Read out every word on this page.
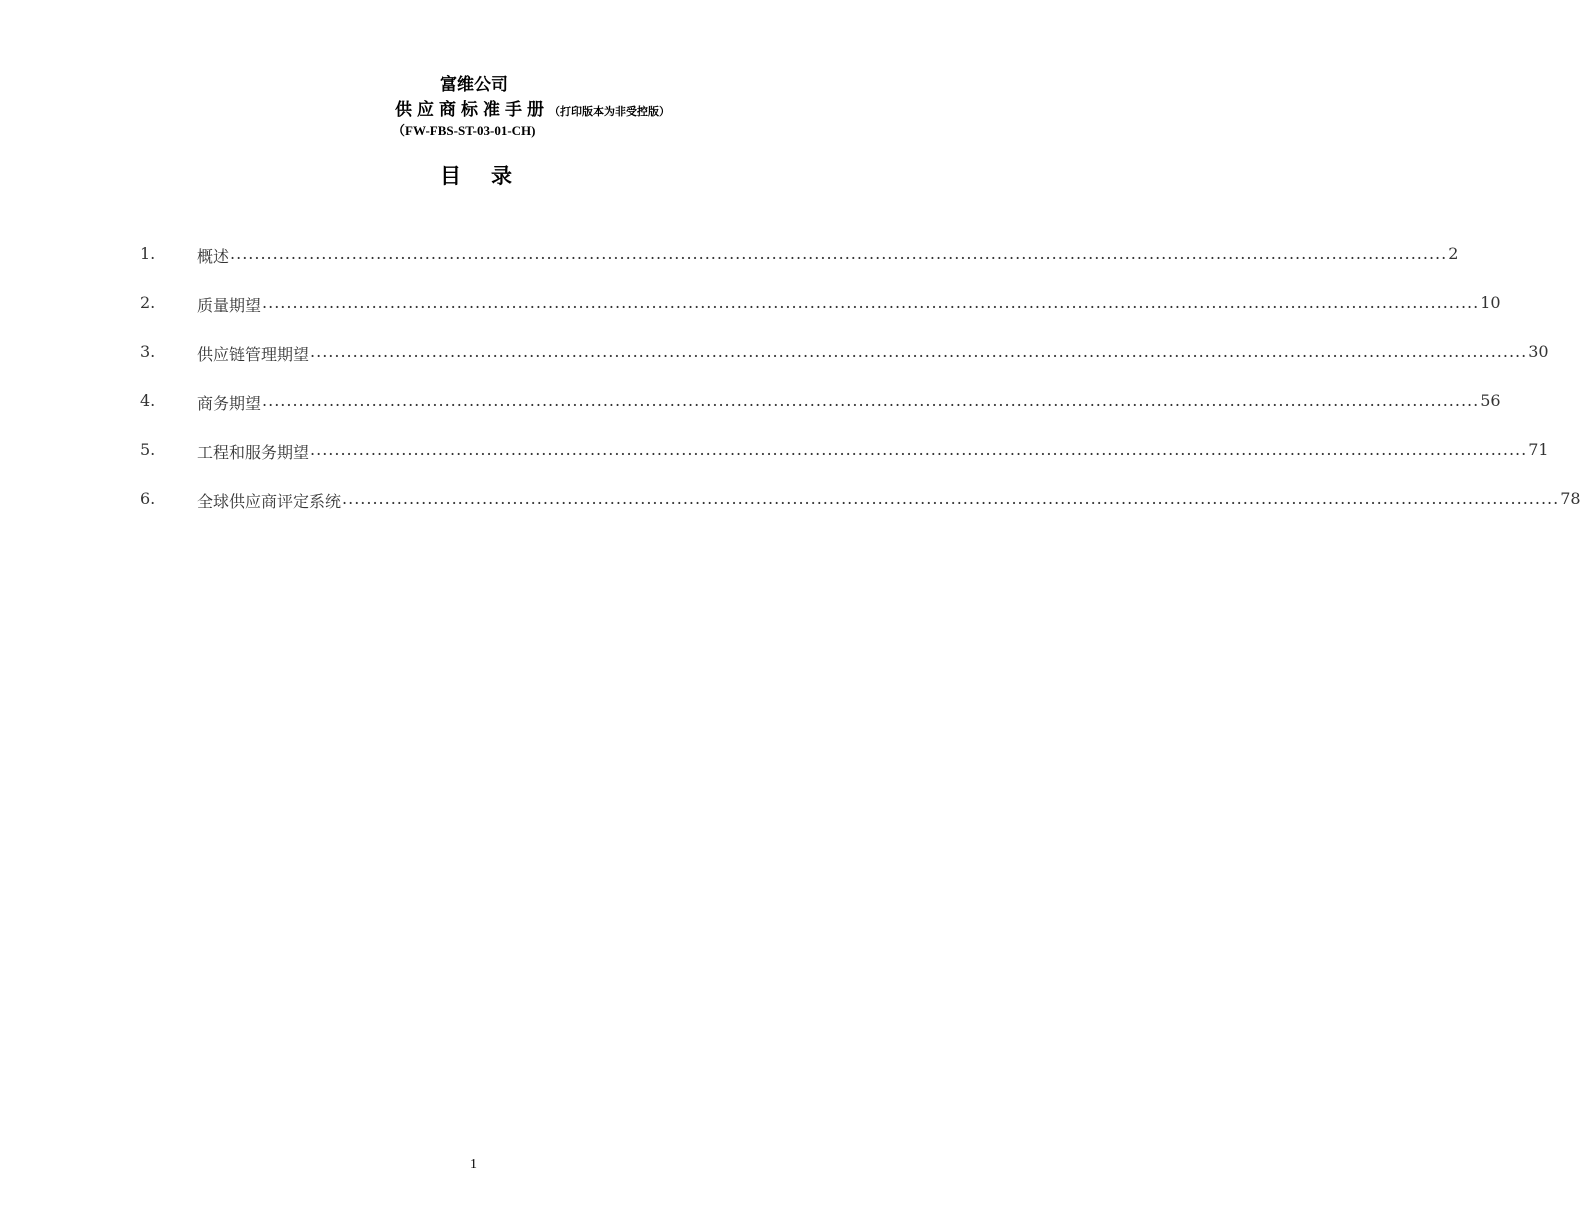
富维公司
供应商标准手册（打印版本为非受控版）
（FW-FBS-ST-03-01-CH)
目 录
1.	概述 ........................................................................................................................................................................................................ 2
2.	质量期望 ........................................................................................................................................................................................................ 10
3.	供应链管理期望 ........................................................................................................................................................................................................ 30
4.	商务期望 ........................................................................................................................................................................................................ 56
5.	工程和服务期望 ........................................................................................................................................................................................................ 71
6.	全球供应商评定系统 ........................................................................................................................................................................................................ 78
1
